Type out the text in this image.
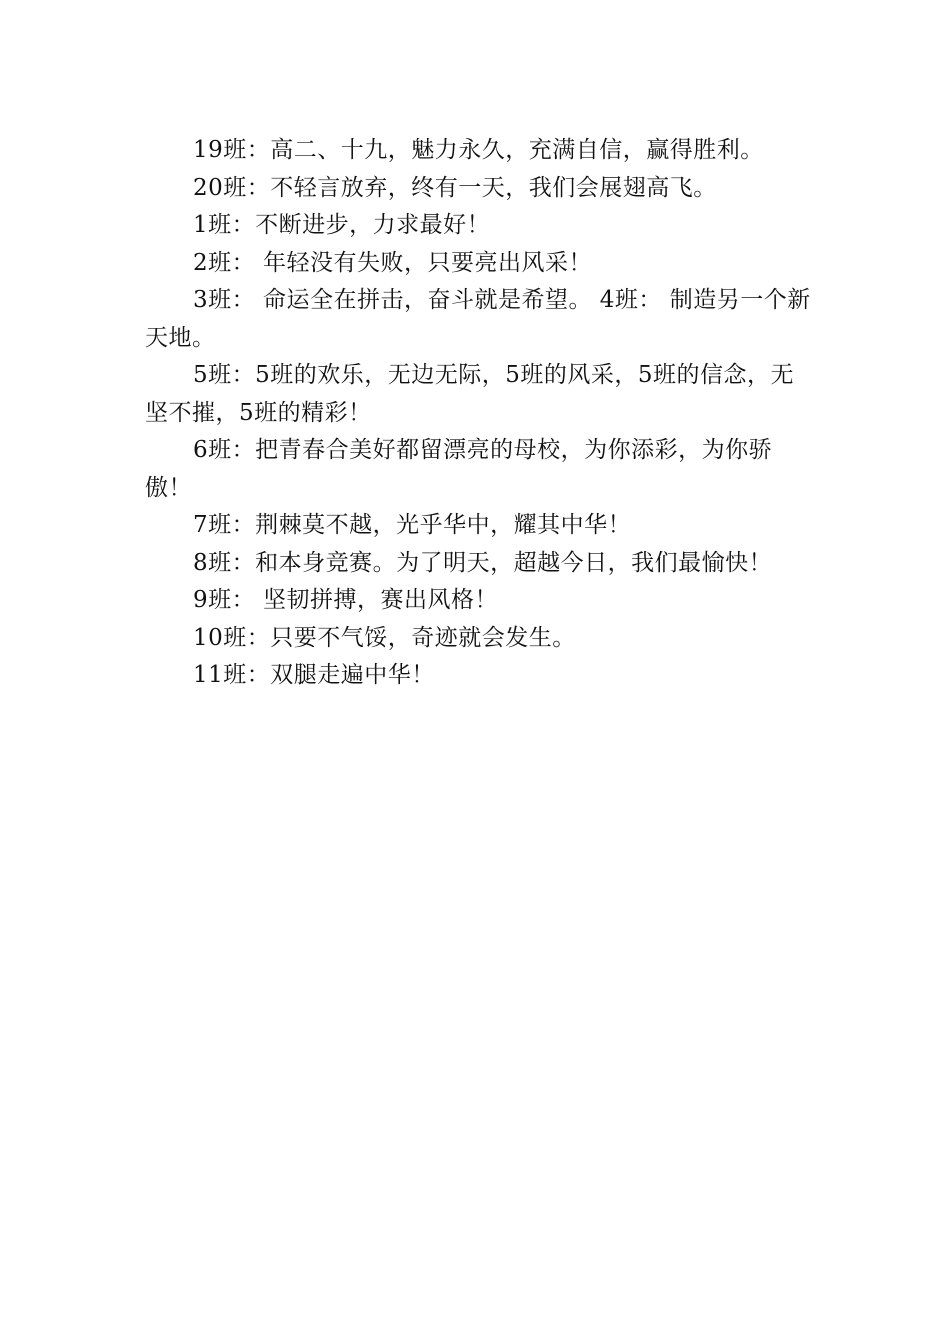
19班：高二、十九，魅力永久，充满自信，赢得胜利。

20班：不轻言放弃，终有一天，我们会展翅高飞。

1班：不断进步，力求最好！

2班： 年轻没有失败，只要亮出风采！

3班： 命运全在拼击，奋斗就是希望。 4班： 制造另一个新天地。

5班：5班的欢乐，无边无际，5班的风采，5班的信念，无坚不摧，5班的精彩！

6班：把青春合美好都留漂亮的母校，为你添彩，为你骄傲！

7班：荆棘莫不越，光乎华中，耀其中华！

8班：和本身竞赛。为了明天，超越今日，我们最愉快！

9班： 坚韧拼搏，赛出风格！

10班：只要不气馁，奇迹就会发生。

11班：双腿走遍中华！
